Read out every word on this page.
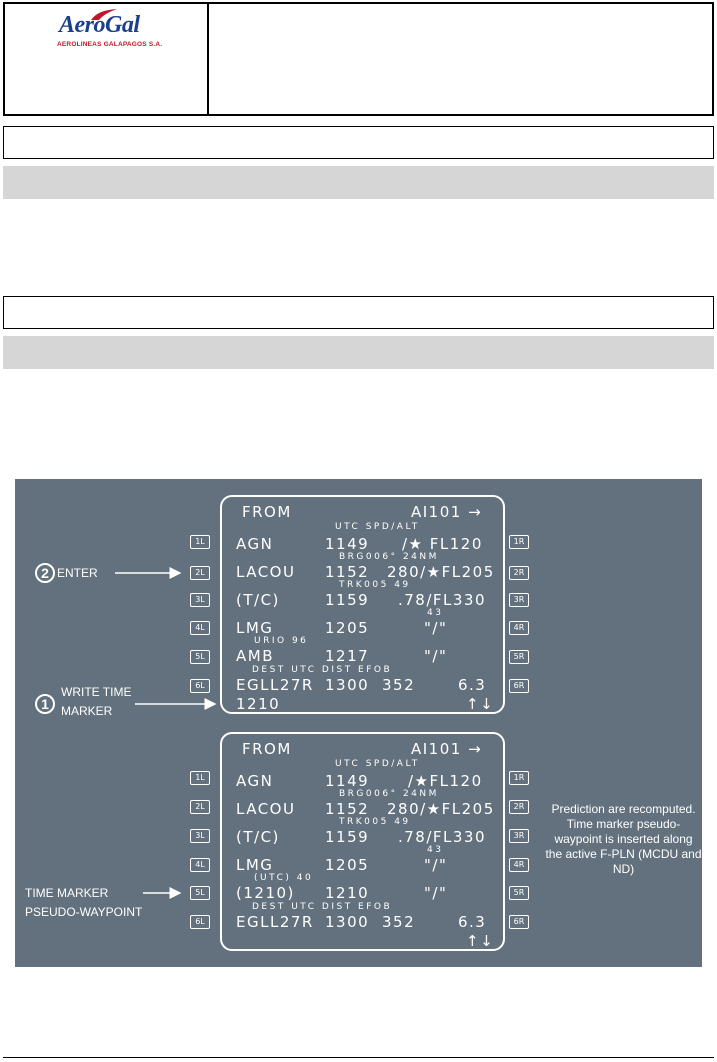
AeroGal
AEROLINEAS GALAPAGOS S.A.
1L
2L
3L
4L
5L
6L
1R
2R
3R
4R
5R
6R
1L
2L
3L
4L
5L
6L
1R
2R
3R
4R
5R
6R
FROM	AI101 →
UTC SPD/ALT
AGN	1149 /★ FL120
BRG006° 24NM
LACOU 1152 280/★FL205
TRK005 49
(T/C)	1159 .78/FL330
43
LMG	1205	"/"
URIO 96
AMB	1217	"/"
DEST UTC DIST EFOB
EGLL27R 1300 352	6.3
1210	↑↓
FROM	AI101 →
UTC SPD/ALT
AGN	1149	/★FL120
BRG006° 24NM
LACOU 1152 280/★FL205
TRK005 49
(T/C)	1159 .78/FL330
43
LMG	1205	"/"
(UTC) 40
(1210) 1210	"/"
DEST UTC DIST EFOB
EGLL27R 1300 352	6.3
↑↓
2 ENTER
1
WRITE TIME
MARKER
TIME MARKER
PSEUDO-WAYPOINT
Prediction are recomputed. Time marker pseudo-waypoint is inserted along the active F-PLN (MCDU and ND)
